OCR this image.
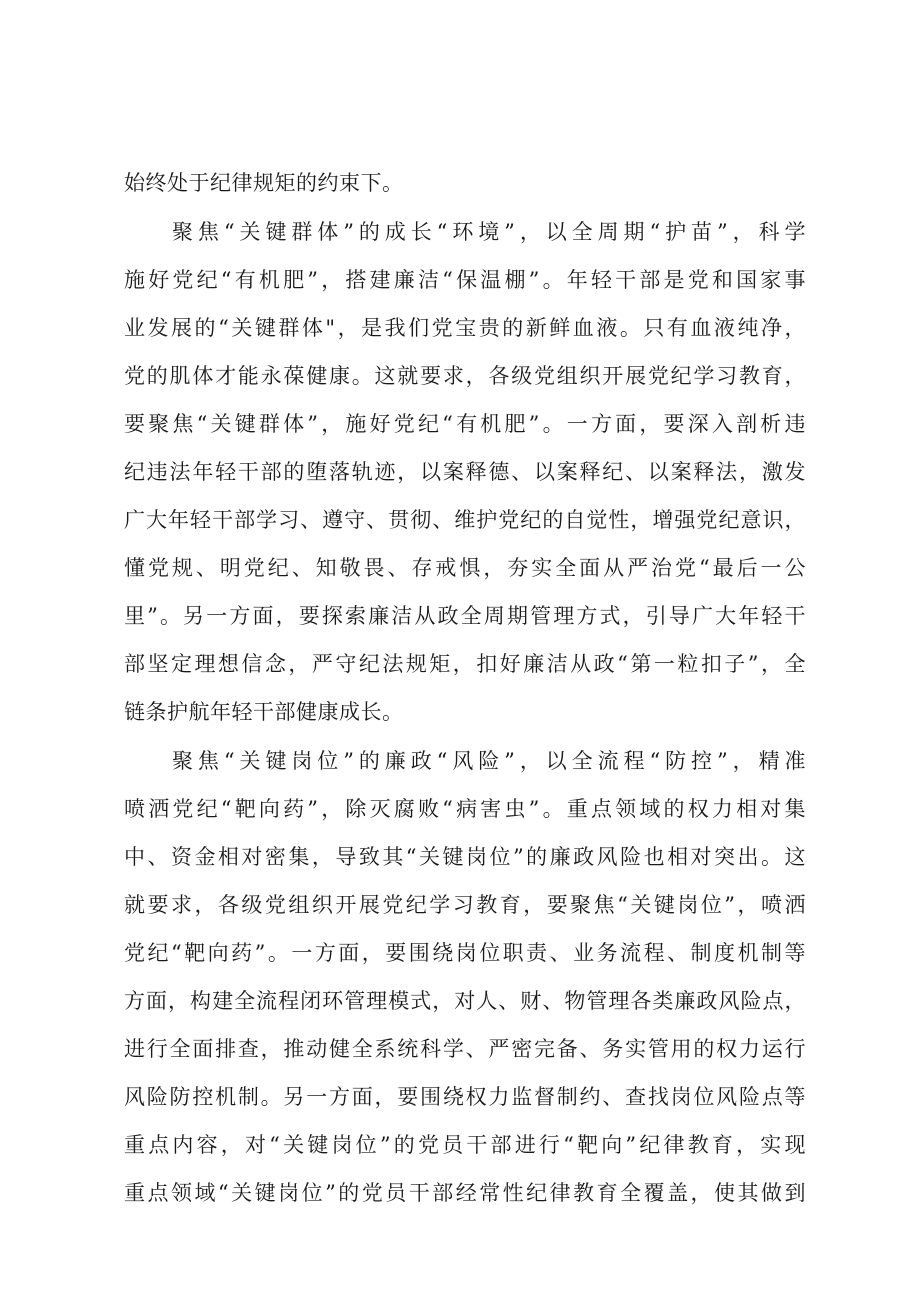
始终处于纪律规矩的约束下。
聚焦“关键群体”的成长“环境”，以全周期“护苗”，科学
施好党纪“有机肥”，搭建廉洁“保温棚”。年轻干部是党和国家事
业发展的“关键群体"，是我们党宝贵的新鲜血液。只有血液纯净，
党的肌体才能永葆健康。这就要求，各级党组织开展党纪学习教育，
要聚焦“关键群体”，施好党纪“有机肥”。一方面，要深入剖析违
纪违法年轻干部的堕落轨迹，以案释德、以案释纪、以案释法，激发
广大年轻干部学习、遵守、贯彻、维护党纪的自觉性，增强党纪意识，
懂党规、明党纪、知敬畏、存戒惧，夯实全面从严治党“最后一公
里”。另一方面，要探索廉洁从政全周期管理方式，引导广大年轻干
部坚定理想信念，严守纪法规矩，扣好廉洁从政“第一粒扣子”，全
链条护航年轻干部健康成长。
聚焦“关键岗位”的廉政“风险”，以全流程“防控”，精准
喷洒党纪“靶向药”，除灭腐败“病害虫”。重点领域的权力相对集
中、资金相对密集，导致其“关键岗位”的廉政风险也相对突出。这
就要求，各级党组织开展党纪学习教育，要聚焦“关键岗位”，喷洒
党纪“靶向药”。一方面，要围绕岗位职责、业务流程、制度机制等
方面，构建全流程闭环管理模式，对人、财、物管理各类廉政风险点，
进行全面排查，推动健全系统科学、严密完备、务实管用的权力运行
风险防控机制。另一方面，要围绕权力监督制约、查找岗位风险点等
重点内容，对“关键岗位”的党员干部进行“靶向”纪律教育，实现
重点领域“关键岗位”的党员干部经常性纪律教育全覆盖，使其做到
